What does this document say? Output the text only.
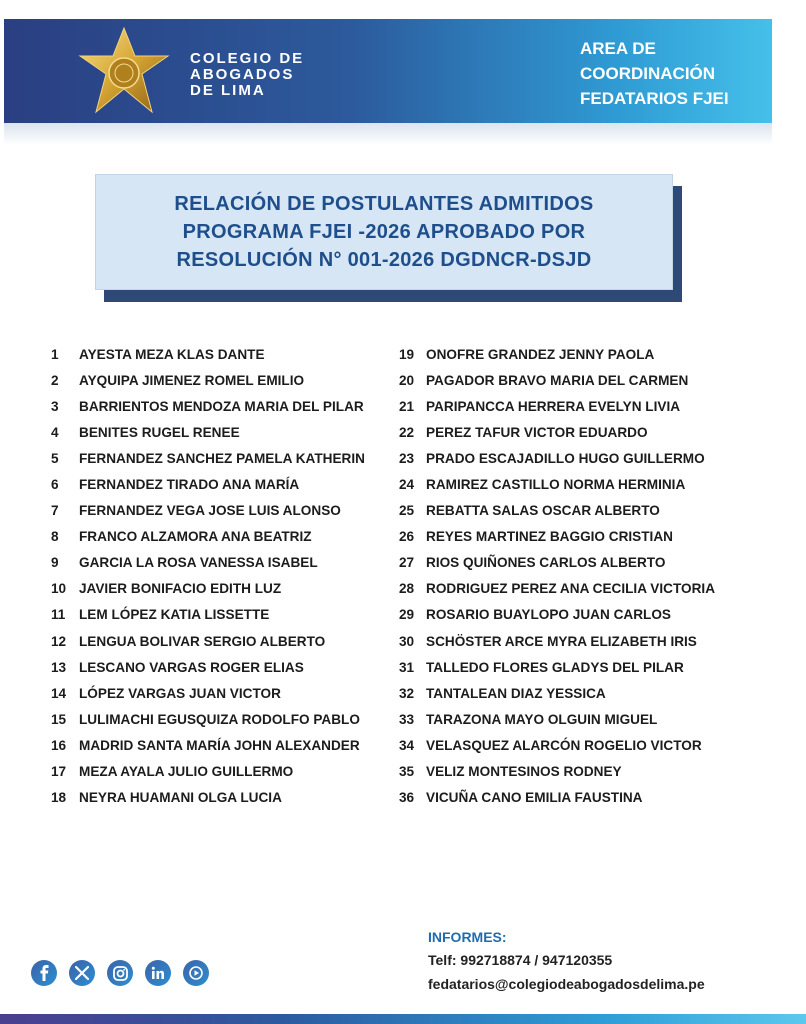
COLEGIO DE
ABOGADOS
DE LIMA
AREA DE
COORDINACIÓN
FEDATARIOS FJEI
RELACIÓN DE POSTULANTES ADMITIDOS
PROGRAMA FJEI -2026 APROBADO POR
RESOLUCIÓN N° 001-2026 DGDNCR-DSJD
1	AYESTA MEZA KLAS DANTE
2	AYQUIPA JIMENEZ ROMEL EMILIO
3	BARRIENTOS MENDOZA MARIA DEL PILAR
4	BENITES RUGEL RENEE
5	FERNANDEZ SANCHEZ PAMELA KATHERIN
6	FERNANDEZ TIRADO ANA MARÍA
7	FERNANDEZ VEGA JOSE LUIS ALONSO
8	FRANCO ALZAMORA ANA BEATRIZ
9	GARCIA LA ROSA VANESSA ISABEL
10 JAVIER BONIFACIO EDITH LUZ
11	LEM LÓPEZ KATIA LISSETTE
12 LENGUA BOLIVAR SERGIO ALBERTO
13 LESCANO VARGAS ROGER ELIAS
14 LÓPEZ VARGAS JUAN VICTOR
15 LULIMACHI EGUSQUIZA RODOLFO PABLO
16 MADRID SANTA MARÍA JOHN ALEXANDER
17 MEZA AYALA JULIO GUILLERMO
18 NEYRA HUAMANI OLGA LUCIA
19 ONOFRE GRANDEZ JENNY PAOLA
20 PAGADOR BRAVO MARIA DEL CARMEN
21 PARIPANCCA HERRERA EVELYN LIVIA
22 PEREZ TAFUR VICTOR EDUARDO
23 PRADO ESCAJADILLO HUGO GUILLERMO
24 RAMIREZ CASTILLO NORMA HERMINIA
25 REBATTA SALAS OSCAR ALBERTO
26 REYES MARTINEZ BAGGIO CRISTIAN
27 RIOS QUIÑONES CARLOS ALBERTO
28 RODRIGUEZ PEREZ ANA CECILIA VICTORIA
29 ROSARIO BUAYLOPO JUAN CARLOS
30 SCHÖSTER ARCE MYRA ELIZABETH IRIS
31 TALLEDO FLORES GLADYS DEL PILAR
32 TANTALEAN DIAZ YESSICA
33 TARAZONA MAYO OLGUIN MIGUEL
34 VELASQUEZ ALARCÓN ROGELIO VICTOR
35 VELIZ MONTESINOS RODNEY
36 VICUÑA CANO EMILIA FAUSTINA
INFORMES:
Telf: 992718874 / 947120355
fedatarios@colegiodeabogadosdelima.pe
